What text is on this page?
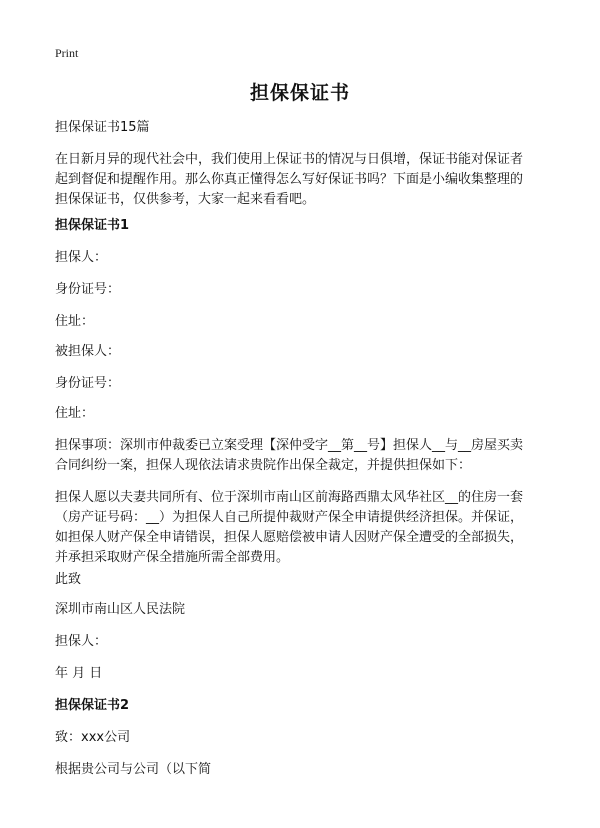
Print
担保保证书
担保保证书15篇
在日新月异的现代社会中，我们使用上保证书的情况与日俱增，保证书能对保证者
起到督促和提醒作用。那么你真正懂得怎么写好保证书吗？下面是小编收集整理的
担保保证书，仅供参考，大家一起来看看吧。
担保保证书1
担保人：
身份证号：
住址：
被担保人：
身份证号：
住址：
担保事项：深圳市仲裁委已立案受理【深仲受字__第__号】担保人__与__房屋买卖
合同纠纷一案，担保人现依法请求贵院作出保全裁定，并提供担保如下：
担保人愿以夫妻共同所有、位于深圳市南山区前海路西鼎太风华社区__的住房一套
（房产证号码：__）为担保人自己所提仲裁财产保全申请提供经济担保。并保证，
如担保人财产保全申请错误，担保人愿赔偿被申请人因财产保全遭受的全部损失，
并承担采取财产保全措施所需全部费用。
此致
深圳市南山区人民法院
担保人：
年 月 日
担保保证书2
致：xxx公司
根据贵公司与公司（以下简
